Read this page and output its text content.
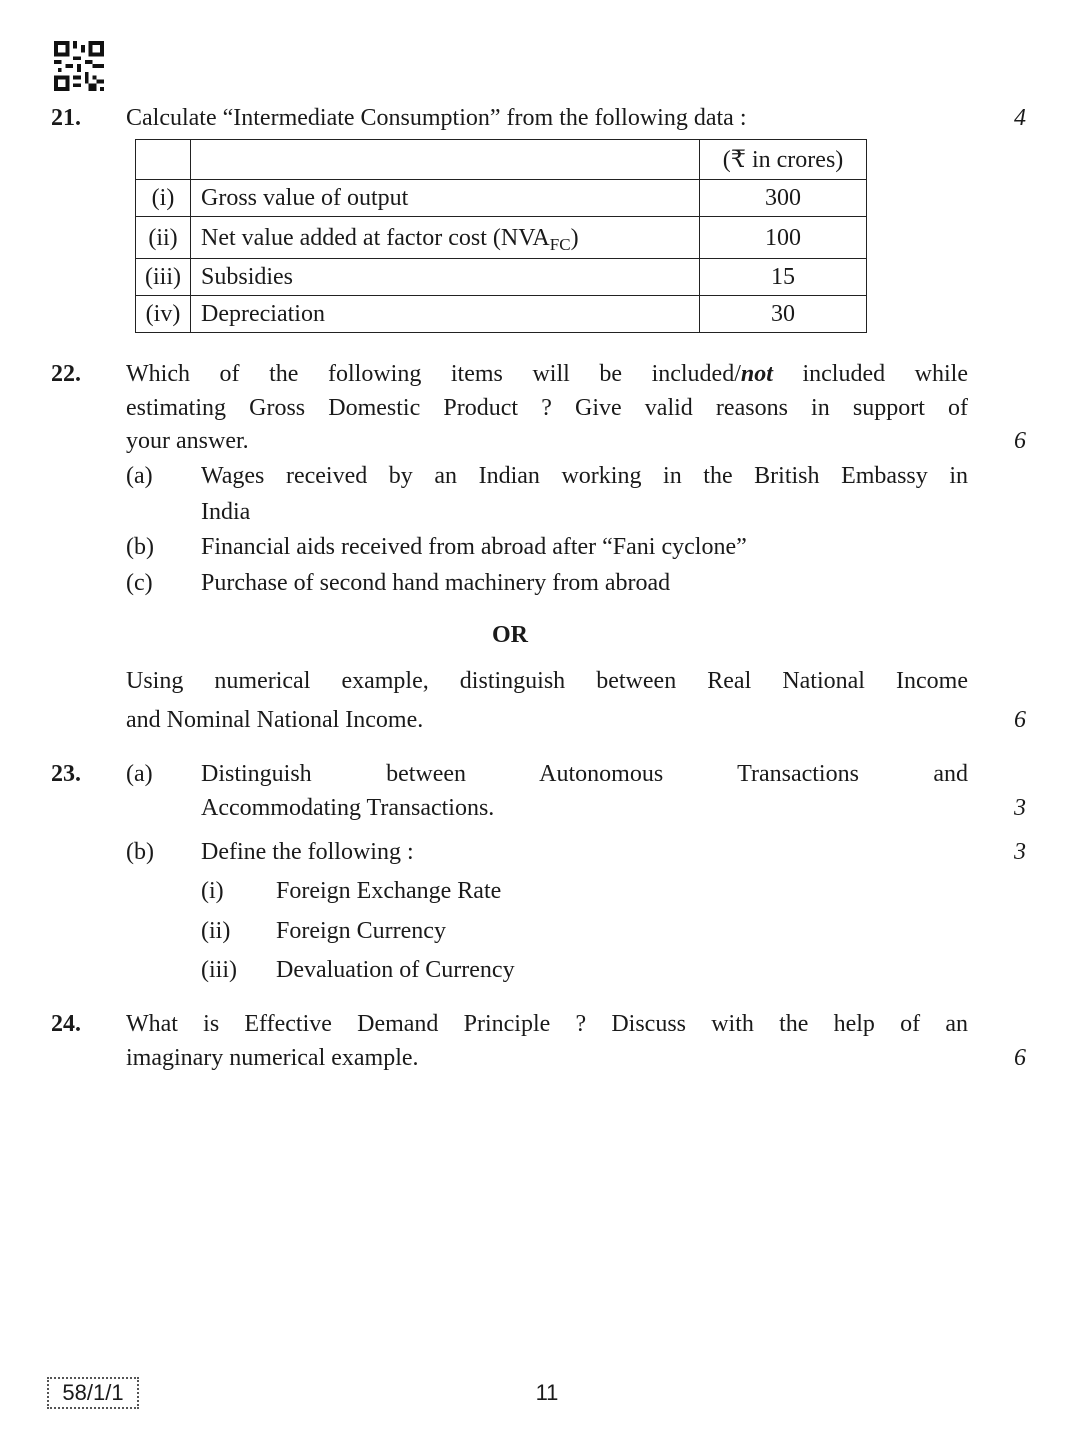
21. Calculate “Intermediate Consumption” from the following data :	4
		(₹ in crores)
(i)	Gross value of output	300
(ii)	Net value added at factor cost $(NVA_{FC})$	100
(iii)	Subsidies	15
(iv)	Depreciation	30
22. Which of the following items will be included/not included while
estimating Gross Domestic Product ? Give valid reasons in support of
your answer.	6
(a) Wages received by an Indian working in the British Embassy in
India
(b) Financial aids received from abroad after “Fani cyclone”
(c) Purchase of second hand machinery from abroad
OR
Using numerical example, distinguish between Real National Income
and Nominal National Income.	6
23. (a) Distinguish between Autonomous Transactions and
Accommodating Transactions.	3
(b) Define the following :	3
(i) Foreign Exchange Rate
(ii) Foreign Currency
(iii) Devaluation of Currency
24. What is Effective Demand Principle ? Discuss with the help of an
imaginary numerical example.	6
58/1/1	11
